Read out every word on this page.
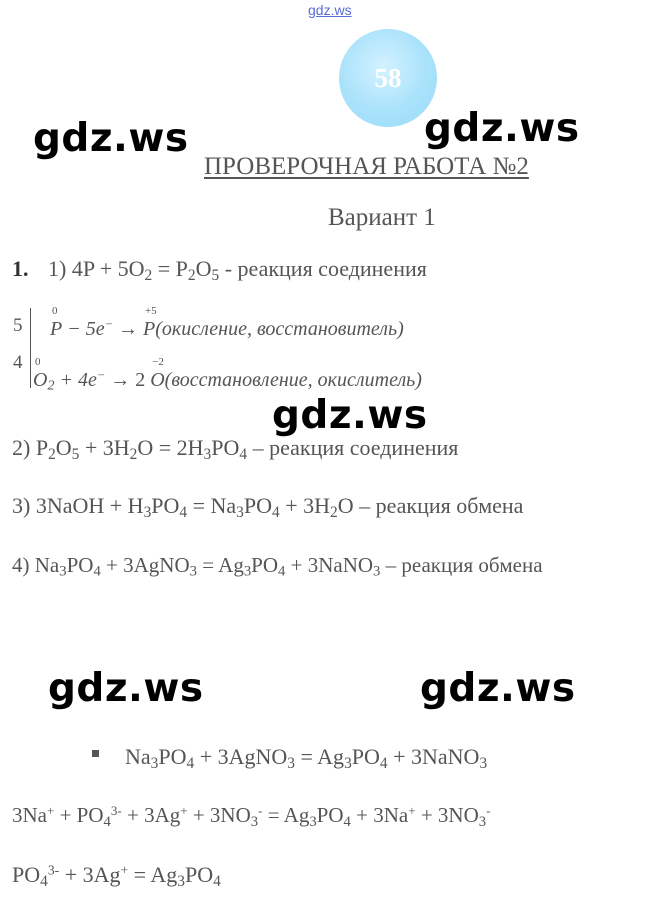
gdz.ws
58
gdz.ws	gdz.ws
gdz.ws
gdz.ws	gdz.ws
ПРОВЕРОЧНАЯ РАБОТА №2
Вариант 1
1. 1) $4P + 5O_2 = P_2O_5$ - реакция соединения
5
4
0
P − 5e− →
+5
P(окисление, восстановитель)
0
$O_2 + 4e^- \to 2$
−2
O(восстановление, окислитель)
2) $P_2O_5 + 3H_2O = 2H_3PO_4$ – реакция соединения
3) 3NaOH + $H_3PO_4 = Na_3PO_4 + 3H_2O$ – реакция обмена
4) $Na_3PO_4$ + 3AgNO$_3$ = $Ag_3PO_4$ + 3NaNO$_3$ – реакция обмена
$Na_3PO_4$ + 3AgNO$_3$ = $Ag_3PO_4$ + 3NaNO$_3$
$3Na^+ + PO_4^{3-} + 3Ag^+ + 3NO_3^- = Ag_3PO_4 + 3Na^+ + 3NO_3^-$
$PO_4^{3-} + 3Ag^+ = Ag_3PO_4$
